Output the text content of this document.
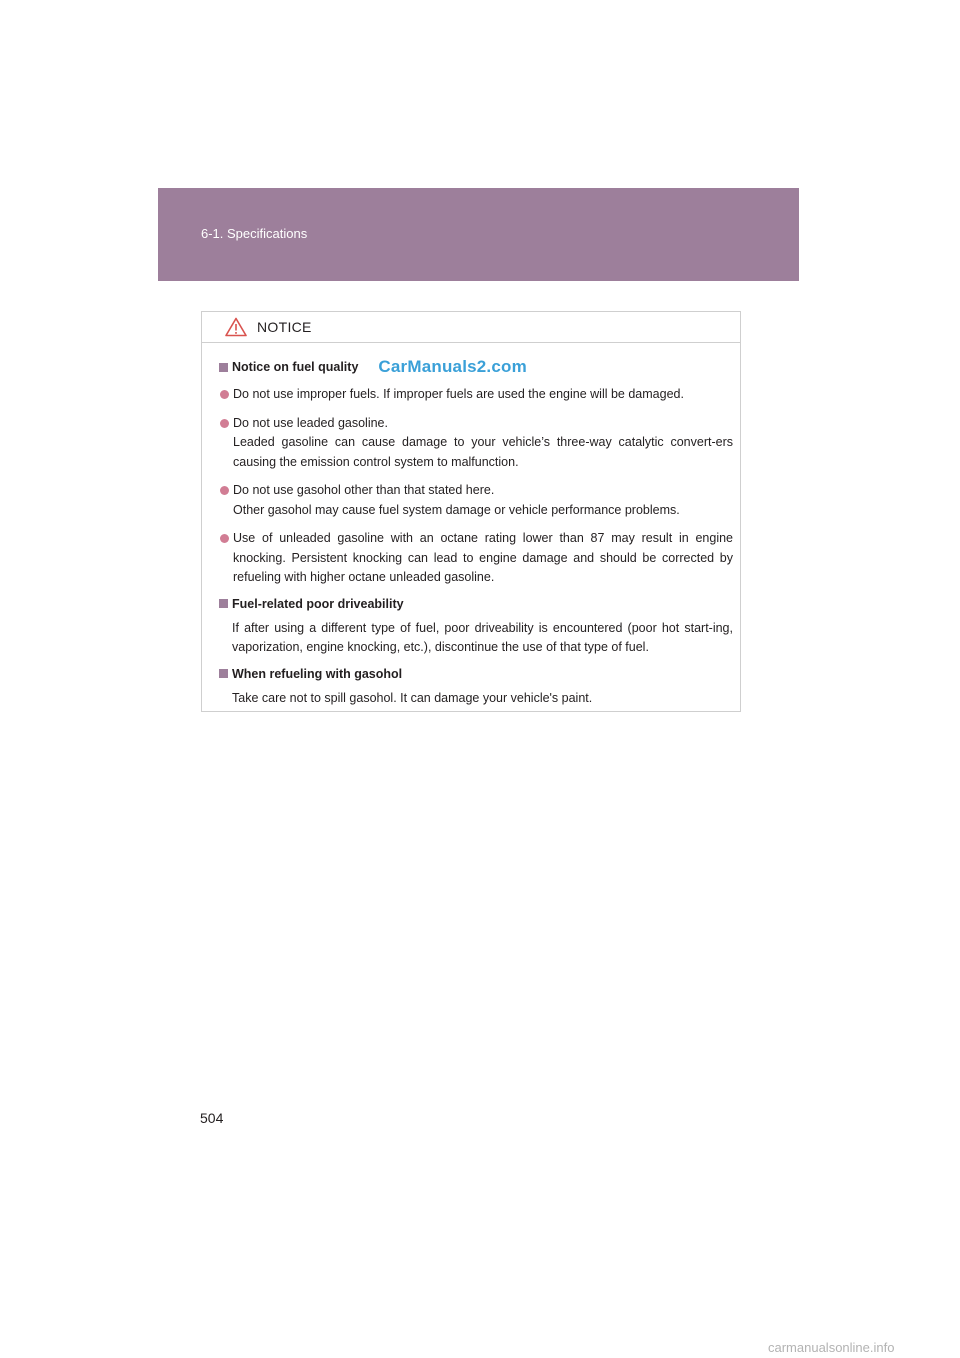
6-1. Specifications
NOTICE
Notice on fuel quality CarManuals2.com
Do not use improper fuels. If improper fuels are used the engine will be damaged.
Do not use leaded gasoline.
Leaded gasoline can cause damage to your vehicle’s three-way catalytic convert-ers causing the emission control system to malfunction.
Do not use gasohol other than that stated here.
Other gasohol may cause fuel system damage or vehicle performance problems.
Use of unleaded gasoline with an octane rating lower than 87 may result in engine knocking. Persistent knocking can lead to engine damage and should be corrected by refueling with higher octane unleaded gasoline.
Fuel-related poor driveability
If after using a different type of fuel, poor driveability is encountered (poor hot start-ing, vaporization, engine knocking, etc.), discontinue the use of that type of fuel.
When refueling with gasohol
Take care not to spill gasohol. It can damage your vehicle's paint.
504
carmanualsonline.info
